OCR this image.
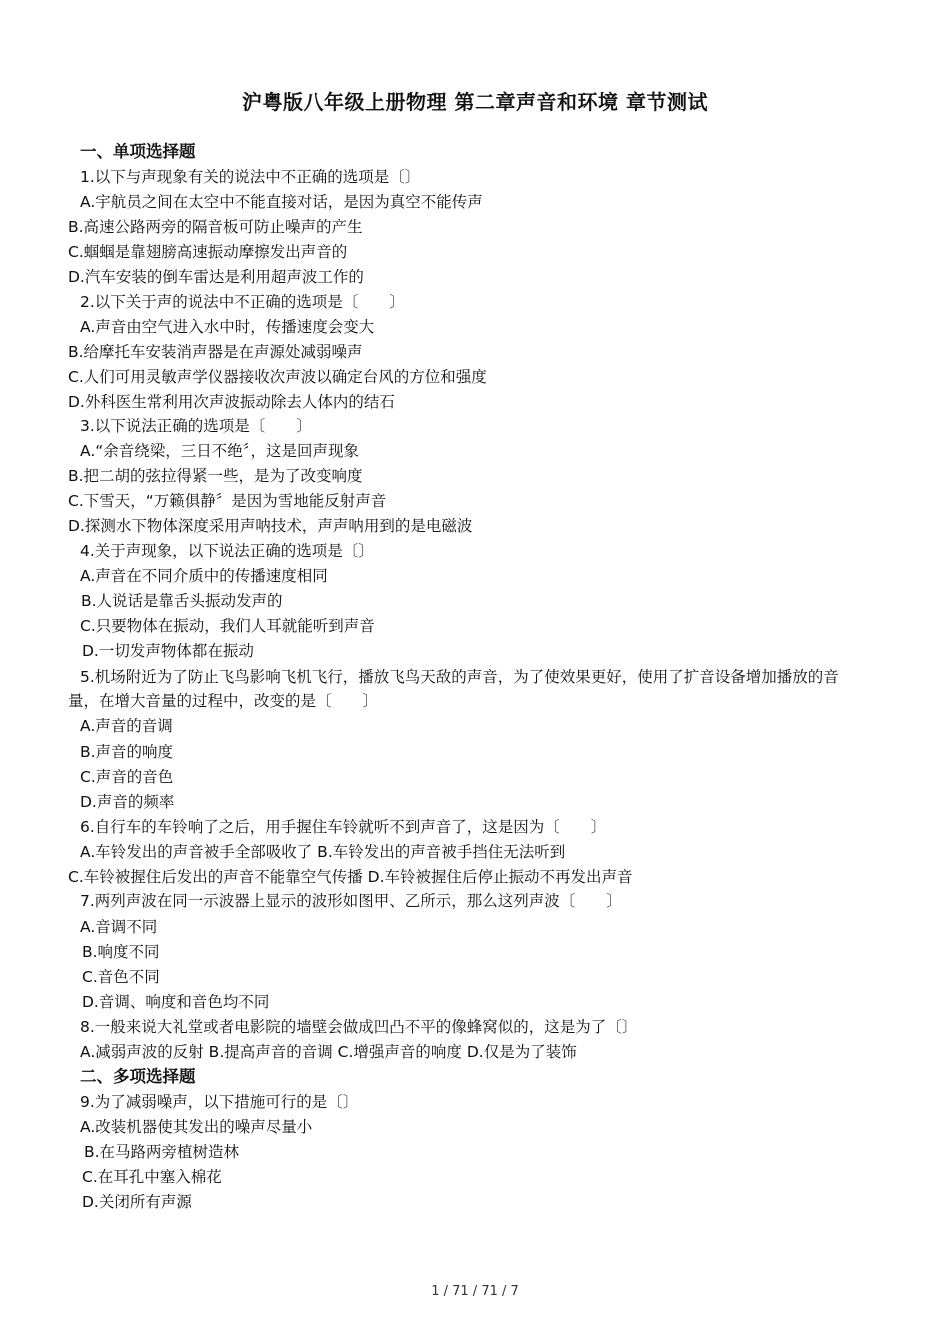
沪粤版八年级上册物理 第二章声音和环境 章节测试
一、单项选择题
1.以下与声现象有关的说法中不正确的选项是〔〕
A.宇航员之间在太空中不能直接对话，是因为真空不能传声
B.高速公路两旁的隔音板可防止噪声的产生
C.蝈蝈是靠翅膀高速振动摩擦发出声音的
D.汽车安装的倒车雷达是利用超声波工作的
2.以下关于声的说法中不正确的选项是〔　　〕
A.声音由空气进入水中时，传播速度会变大
B.给摩托车安装消声器是在声源处减弱噪声
C.人们可用灵敏声学仪器接收次声波以确定台风的方位和强度
D.外科医生常利用次声波振动除去人体内的结石
3.以下说法正确的选项是〔　　〕
A.“余音绕梁，三日不绝〞，这是回声现象
B.把二胡的弦拉得紧一些，是为了改变响度
C.下雪天，“万籁俱静〞是因为雪地能反射声音
D.探测水下物体深度采用声呐技术，声声呐用到的是电磁波
4.关于声现象，以下说法正确的选项是〔〕
A.声音在不同介质中的传播速度相同
B.人说话是靠舌头振动发声的
C.只要物体在振动，我们人耳就能听到声音
D.一切发声物体都在振动
5.机场附近为了防止飞鸟影响飞机飞行，播放飞鸟天敌的声音，为了使效果更好，使用了扩音设备增加播放的音
量，在增大音量的过程中，改变的是〔　　〕
A.声音的音调
B.声音的响度
C.声音的音色
D.声音的频率
6.自行车的车铃响了之后，用手握住车铃就听不到声音了，这是因为〔　　〕
A.车铃发出的声音被手全部吸收了 B.车铃发出的声音被手挡住无法听到
C.车铃被握住后发出的声音不能靠空气传播 D.车铃被握住后停止振动不再发出声音
7.两列声波在同一示波器上显示的波形如图甲、乙所示，那么这列声波〔　　〕
A.音调不同
B.响度不同
C.音色不同
D.音调、响度和音色均不同
8.一般来说大礼堂或者电影院的墙壁会做成凹凸不平的像蜂窝似的，这是为了〔〕
A.减弱声波的反射 B.提高声音的音调 C.增强声音的响度 D.仅是为了装饰
二、多项选择题
9.为了减弱噪声，以下措施可行的是〔〕
A.改装机器使其发出的噪声尽量小
B.在马路两旁植树造林
C.在耳孔中塞入棉花
D.关闭所有声源
1 / 71 / 71 / 7
